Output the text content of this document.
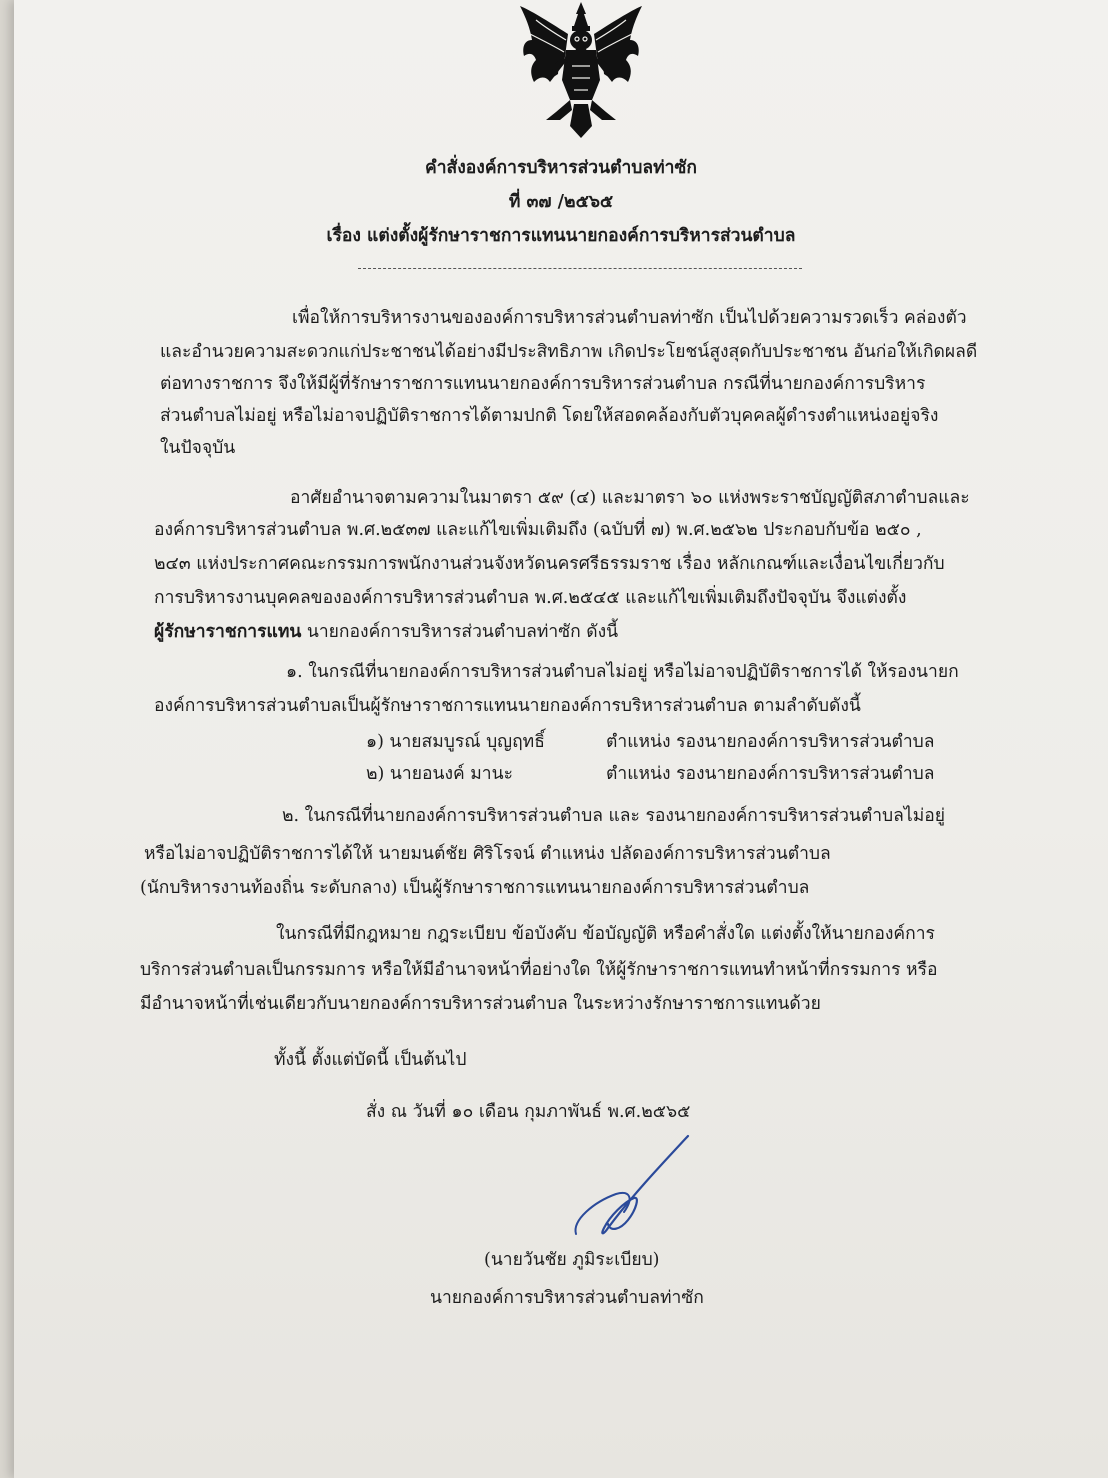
คำสั่งองค์การบริหารส่วนตำบลท่าซัก
ที่ ๓๗ /๒๕๖๕
เรื่อง แต่งตั้งผู้รักษาราชการแทนนายกองค์การบริหารส่วนตำบล
เพื่อให้การบริหารงานขององค์การบริหารส่วนตำบลท่าซัก เป็นไปด้วยความรวดเร็ว คล่องตัว
และอำนวยความสะดวกแก่ประชาชนได้อย่างมีประสิทธิภาพ เกิดประโยชน์สูงสุดกับประชาชน อันก่อให้เกิดผลดี
ต่อทางราชการ จึงให้มีผู้ที่รักษาราชการแทนนายกองค์การบริหารส่วนตำบล กรณีที่นายกองค์การบริหาร
ส่วนตำบลไม่อยู่ หรือไม่อาจปฏิบัติราชการได้ตามปกติ โดยให้สอดคล้องกับตัวบุคคลผู้ดำรงตำแหน่งอยู่จริง
ในปัจจุบัน
อาศัยอำนาจตามความในมาตรา ๕๙ (๔) และมาตรา ๖๐ แห่งพระราชบัญญัติสภาตำบลและ
องค์การบริหารส่วนตำบล พ.ศ.๒๕๓๗ และแก้ไขเพิ่มเติมถึง (ฉบับที่ ๗) พ.ศ.๒๕๖๒ ประกอบกับข้อ ๒๕๐ ,
๒๔๓ แห่งประกาศคณะกรรมการพนักงานส่วนจังหวัดนครศรีธรรมราช เรื่อง หลักเกณฑ์และเงื่อนไขเกี่ยวกับ
การบริหารงานบุคคลขององค์การบริหารส่วนตำบล พ.ศ.๒๕๔๕ และแก้ไขเพิ่มเติมถึงปัจจุบัน จึงแต่งตั้ง
ผู้รักษาราชการแทน นายกองค์การบริหารส่วนตำบลท่าซัก ดังนี้
๑. ในกรณีที่นายกองค์การบริหารส่วนตำบลไม่อยู่ หรือไม่อาจปฏิบัติราชการได้ ให้รองนายก
องค์การบริหารส่วนตำบลเป็นผู้รักษาราชการแทนนายกองค์การบริหารส่วนตำบล ตามลำดับดังนี้
๑) นายสมบูรณ์ บุญฤทธิ์	ตำแหน่ง รองนายกองค์การบริหารส่วนตำบล
๒) นายอนงค์ มานะ	ตำแหน่ง รองนายกองค์การบริหารส่วนตำบล
๒. ในกรณีที่นายกองค์การบริหารส่วนตำบล และ รองนายกองค์การบริหารส่วนตำบลไม่อยู่
หรือไม่อาจปฏิบัติราชการได้ให้ นายมนต์ชัย ศิริโรจน์ ตำแหน่ง ปลัดองค์การบริหารส่วนตำบล
(นักบริหารงานท้องถิ่น ระดับกลาง) เป็นผู้รักษาราชการแทนนายกองค์การบริหารส่วนตำบล
ในกรณีที่มีกฎหมาย กฎระเบียบ ข้อบังคับ ข้อบัญญัติ หรือคำสั่งใด แต่งตั้งให้นายกองค์การ
บริการส่วนตำบลเป็นกรรมการ หรือให้มีอำนาจหน้าที่อย่างใด ให้ผู้รักษาราชการแทนทำหน้าที่กรรมการ หรือ
มีอำนาจหน้าที่เช่นเดียวกับนายกองค์การบริหารส่วนตำบล ในระหว่างรักษาราชการแทนด้วย
ทั้งนี้ ตั้งแต่บัดนี้ เป็นต้นไป
สั่ง ณ วันที่ ๑๐ เดือน กุมภาพันธ์ พ.ศ.๒๕๖๕
(นายวันชัย ภูมิระเบียบ)
นายกองค์การบริหารส่วนตำบลท่าซัก
